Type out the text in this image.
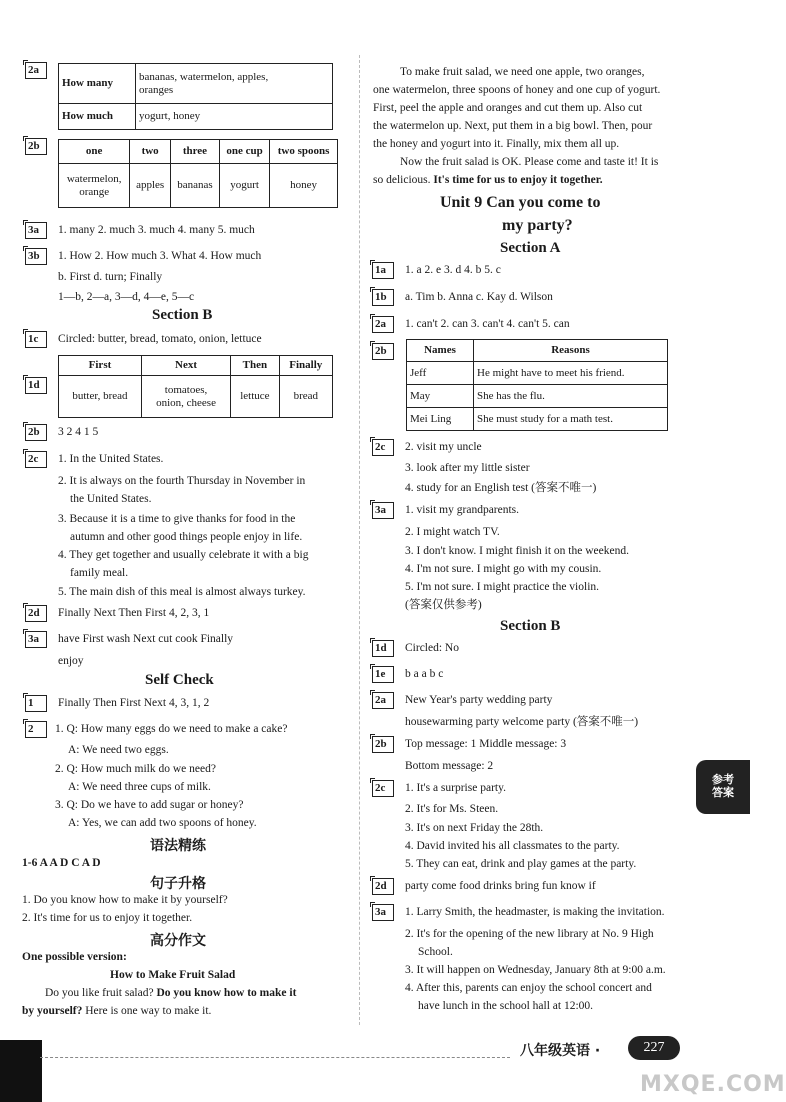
2a
How many	bananas, watermelon, apples,
oranges

How much	yogurt, honey
2b	one	two	three	one cup	two spoons

watermelon,
orange	apples	bananas	yogurt	honey
3a	1. many 2. much 3. much 4. many 5. much
3b	1. How 2. How much 3. What 4. How much
b. First d. turn; Finally
1—b, 2—a, 3—d, 4—e, 5—c
Section B
1c	Circled: butter, bread, tomato, onion, lettuce
1d
First	Next	Then	Finally
butter, bread	tomatoes,
onion, cheese	lettuce	bread
2b	3 2 4 1 5
2c	1. In the United States.
2. It is always on the fourth Thursday in November in
the United States.
3. Because it is a time to give thanks for food in the
autumn and other good things people enjoy in life.
4. They get together and usually celebrate it with a big
family meal.
5. The main dish of this meal is almost always turkey.
2d	Finally Next Then First 4, 2, 3, 1
3a	have First wash Next cut cook Finally
enjoy
Self Check
1	Finally Then First Next 4, 3, 1, 2
2	1. Q: How many eggs do we need to make a cake?
A: We need two eggs.
2. Q: How much milk do we need?
A: We need three cups of milk.
3. Q: Do we have to add sugar or honey?
A: Yes, we can add two spoons of honey.
语法精练
1-6 A A D C A D
句子升格
1. Do you know how to make it by yourself?
2. It's time for us to enjoy it together.
高分作文
One possible version:
How to Make Fruit Salad
Do you like fruit salad? Do you know how to make it
by yourself? Here is one way to make it.
To make fruit salad, we need one apple, two oranges,
one watermelon, three spoons of honey and one cup of yogurt.
First, peel the apple and oranges and cut them up. Also cut
the watermelon up. Next, put them in a big bowl. Then, pour
the honey and yogurt into it. Finally, mix them all up.
Now the fruit salad is OK. Please come and taste it! It is
so delicious. It's time for us to enjoy it together.
Unit 9 Can you come to
my party?
Section A
1a	1. a 2. e 3. d 4. b 5. c
1b	a. Tim b. Anna c. Kay d. Wilson
2a	1. can't 2. can 3. can't 4. can't 5. can
2b	Names	Reasons
Jeff	He might have to meet his friend.
May	She has the flu.
Mei Ling	She must study for a math test.
2c	2. visit my uncle
3. look after my little sister
4. study for an English test (答案不唯一)
3a	1. visit my grandparents.
2. I might watch TV.
3. I don't know. I might finish it on the weekend.
4. I'm not sure. I might go with my cousin.
5. I'm not sure. I might practice the violin.
(答案仅供参考)
Section B
1d	Circled: No
1e	b a a b c
2a	New Year's party wedding party
housewarming party welcome party (答案不唯一)
2b	Top message: 1 Middle message: 3
Bottom message: 2
2c	1. It's a surprise party.
2. It's for Ms. Steen.
3. It's on next Friday the 28th.
4. David invited his all classmates to the party.
5. They can eat, drink and play games at the party.
2d	party come food drinks bring fun know if
3a	1. Larry Smith, the headmaster, is making the invitation.
2. It's for the opening of the new library at No. 9 High
School.
3. It will happen on Wednesday, January 8th at 9:00 a.m.
4. After this, parents can enjoy the school concert and
have lunch in the school hall at 12:00.
参考答案
八年级英语 ·	227
MXQE.COM
